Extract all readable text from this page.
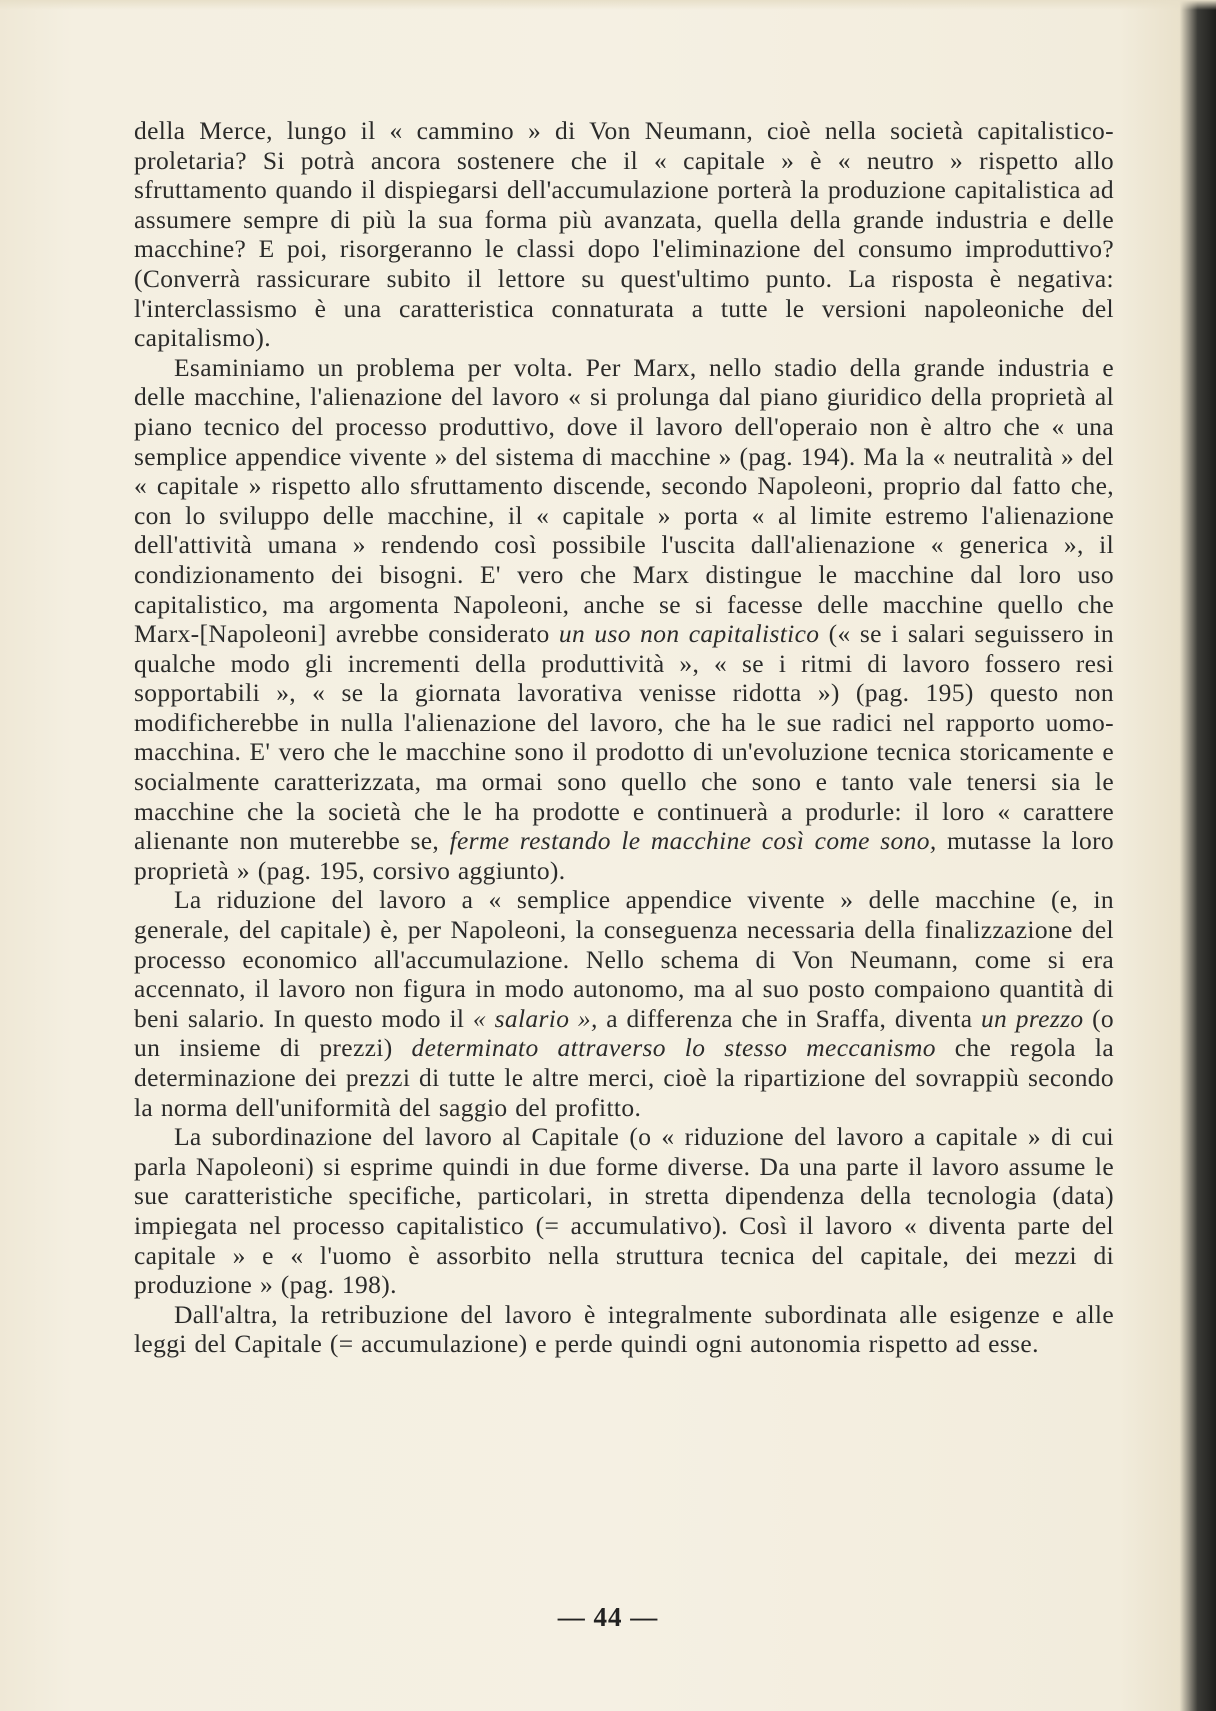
della Merce, lungo il « cammino » di Von Neumann, cioè nella società capitalistico-proletaria? Si potrà ancora sostenere che il « capitale » è « neutro » rispetto allo sfruttamento quando il dispiegarsi dell'accumulazione porterà la produzione capitalistica ad assumere sempre di più la sua forma più avanzata, quella della grande industria e delle macchine? E poi, risorgeranno le classi dopo l'eliminazione del consumo improduttivo? (Converrà rassicurare subito il lettore su quest'ultimo punto. La risposta è negativa: l'interclassismo è una caratteristica connaturata a tutte le versioni napoleoniche del capitalismo).

Esaminiamo un problema per volta. Per Marx, nello stadio della grande industria e delle macchine, l'alienazione del lavoro « si prolunga dal piano giuridico della proprietà al piano tecnico del processo produttivo, dove il lavoro dell'operaio non è altro che « una semplice appendice vivente » del sistema di macchine » (pag. 194). Ma la « neutralità » del « capitale » rispetto allo sfruttamento discende, secondo Napoleoni, proprio dal fatto che, con lo sviluppo delle macchine, il « capitale » porta « al limite estremo l'alienazione dell'attività umana » rendendo così possibile l'uscita dall'alienazione « generica », il condizionamento dei bisogni. E' vero che Marx distingue le macchine dal loro uso capitalistico, ma argomenta Napoleoni, anche se si facesse delle macchine quello che Marx-[Napoleoni] avrebbe considerato un uso non capitalistico (« se i salari seguissero in qualche modo gli incrementi della produttività », « se i ritmi di lavoro fossero resi sopportabili », « se la giornata lavorativa venisse ridotta ») (pag. 195) questo non modificherebbe in nulla l'alienazione del lavoro, che ha le sue radici nel rapporto uomo-macchina. E' vero che le macchine sono il prodotto di un'evoluzione tecnica storicamente e socialmente caratterizzata, ma ormai sono quello che sono e tanto vale tenersi sia le macchine che la società che le ha prodotte e continuerà a produrle: il loro « carattere alienante non muterebbe se, ferme restando le macchine così come sono, mutasse la loro proprietà » (pag. 195, corsivo aggiunto).

La riduzione del lavoro a « semplice appendice vivente » delle macchine (e, in generale, del capitale) è, per Napoleoni, la conseguenza necessaria della finalizzazione del processo economico all'accumulazione. Nello schema di Von Neumann, come si era accennato, il lavoro non figura in modo autonomo, ma al suo posto compaiono quantità di beni salario. In questo modo il « salario », a differenza che in Sraffa, diventa un prezzo (o un insieme di prezzi) determinato attraverso lo stesso meccanismo che regola la determinazione dei prezzi di tutte le altre merci, cioè la ripartizione del sovrappiù secondo la norma dell'uniformità del saggio del profitto.

La subordinazione del lavoro al Capitale (o « riduzione del lavoro a capitale » di cui parla Napoleoni) si esprime quindi in due forme diverse. Da una parte il lavoro assume le sue caratteristiche specifiche, particolari, in stretta dipendenza della tecnologia (data) impiegata nel processo capitalistico (= accumulativo). Così il lavoro « diventa parte del capitale » e « l'uomo è assorbito nella struttura tecnica del capitale, dei mezzi di produzione » (pag. 198).

Dall'altra, la retribuzione del lavoro è integralmente subordinata alle esigenze e alle leggi del Capitale (= accumulazione) e perde quindi ogni autonomia rispetto ad esse.

— 44 —
